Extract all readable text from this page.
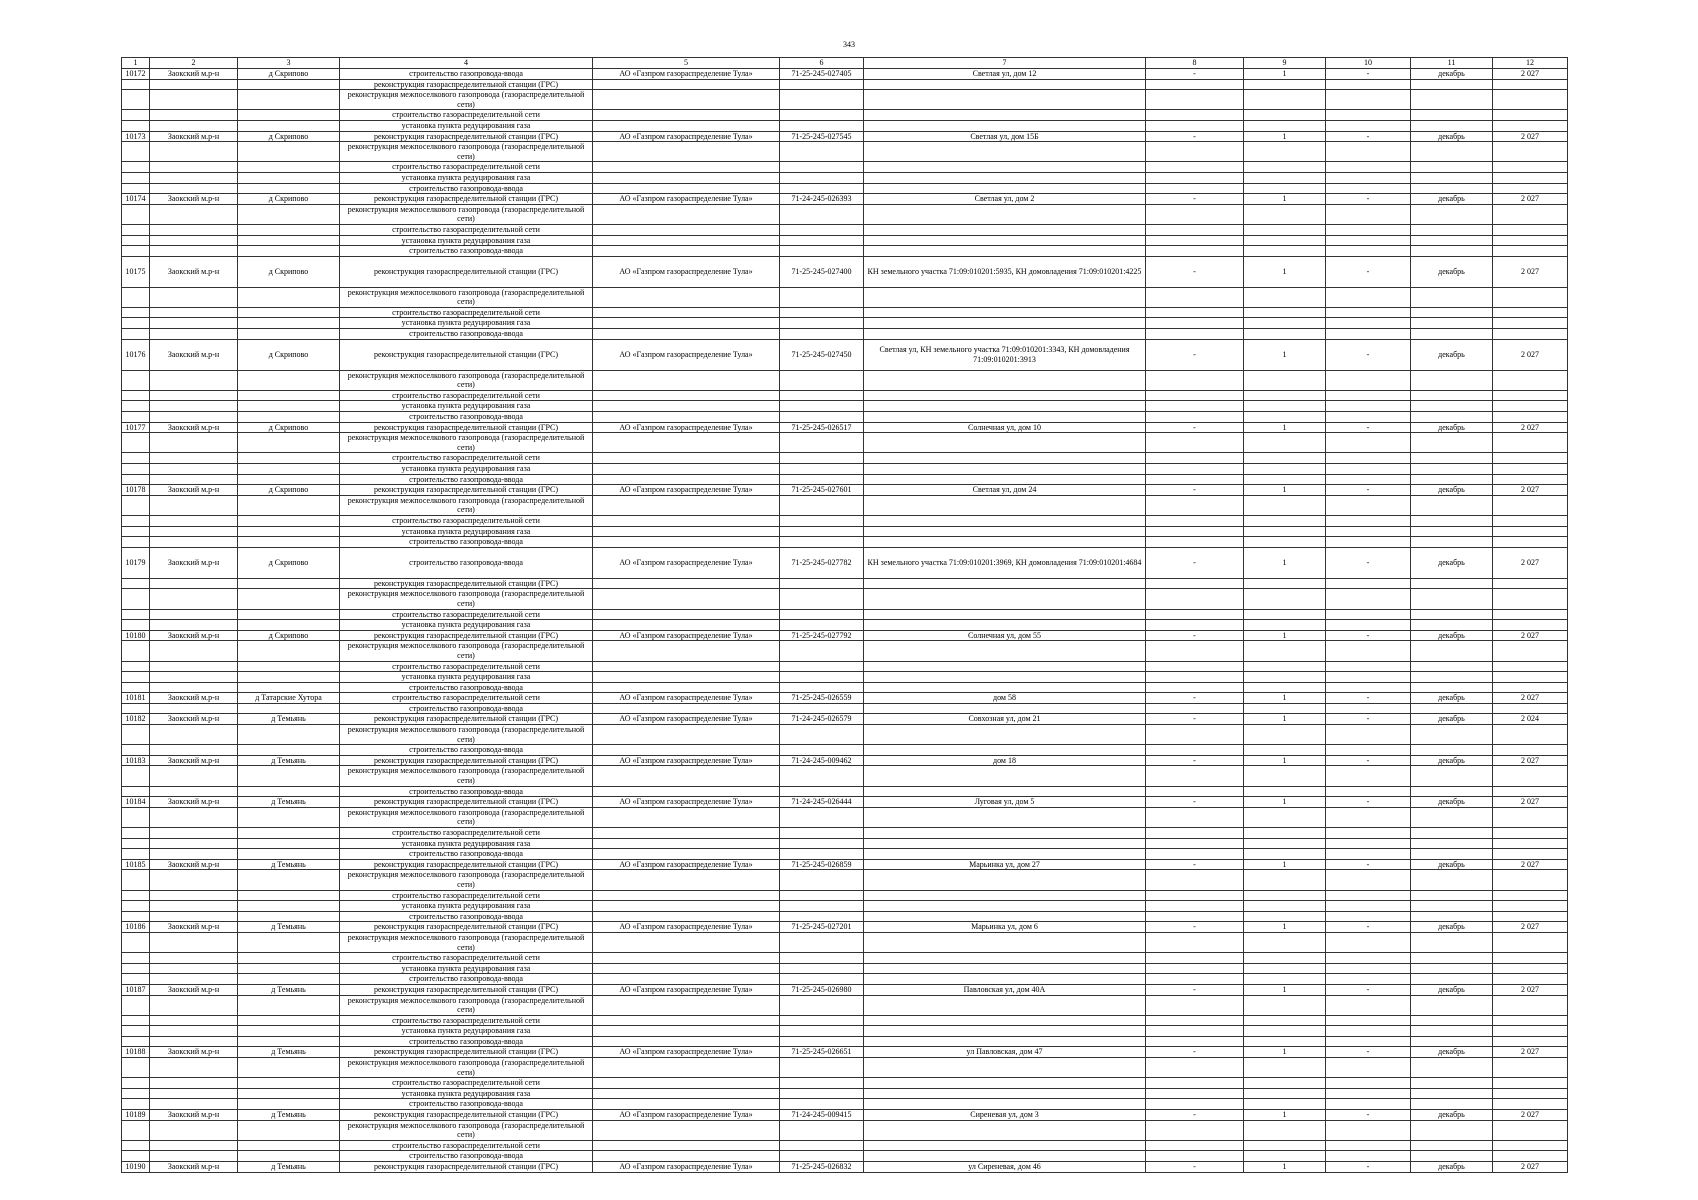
343
1	2	3	4	5	6	7	8	9	10	11	12
10172	Заокский м.р-н	д Скрипово	строительство газопровода-ввода	АО «Газпром газораспределение Тула»	71-25-245-027405	Светлая ул, дом 12	-	1	-	декабрь	2 027
			реконструкция газораспределительной станции (ГРС)								
			реконструкция межпоселкового газопровода (газораспределительной сети)								
			строительство газораспределительной сети								
			установка пункта редуцирования газа								
10173	Заокский м.р-н	д Скрипово	реконструкция газораспределительной станции (ГРС)	АО «Газпром газораспределение Тула»	71-25-245-027545	Светлая ул, дом 15Б	-	1	-	декабрь	2 027
			реконструкция межпоселкового газопровода (газораспределительной сети)								
			строительство газораспределительной сети								
			установка пункта редуцирования газа								
			строительство газопровода-ввода								
10174	Заокский м.р-н	д Скрипово	реконструкция газораспределительной станции (ГРС)	АО «Газпром газораспределение Тула»	71-24-245-026393	Светлая ул, дом 2	-	1	-	декабрь	2 027
			реконструкция межпоселкового газопровода (газораспределительной сети)								
			строительство газораспределительной сети								
			установка пункта редуцирования газа								
			строительство газопровода-ввода								
10175	Заокский м.р-н	д Скрипово	реконструкция газораспределительной станции (ГРС)	АО «Газпром газораспределение Тула»	71-25-245-027400	КН земельного участка 71:09:010201:5935, КН домовладения 71:09:010201:4225	-	1	-	декабрь	2 027
			реконструкция межпоселкового газопровода (газораспределительной сети)								
			строительство газораспределительной сети								
			установка пункта редуцирования газа								
			строительство газопровода-ввода								
10176	Заокский м.р-н	д Скрипово	реконструкция газораспределительной станции (ГРС)	АО «Газпром газораспределение Тула»	71-25-245-027450	Светлая ул, КН земельного участка 71:09:010201:3343, КН домовладения 71:09:010201:3913	-	1	-	декабрь	2 027
			реконструкция межпоселкового газопровода (газораспределительной сети)								
			строительство газораспределительной сети								
			установка пункта редуцирования газа								
			строительство газопровода-ввода								
10177	Заокский м.р-н	д Скрипово	реконструкция газораспределительной станции (ГРС)	АО «Газпром газораспределение Тула»	71-25-245-026517	Солнечная ул, дом 10	-	1	-	декабрь	2 027
			реконструкция межпоселкового газопровода (газораспределительной сети)								
			строительство газораспределительной сети								
			установка пункта редуцирования газа								
			строительство газопровода-ввода								
10178	Заокский м.р-н	д Скрипово	реконструкция газораспределительной станции (ГРС)	АО «Газпром газораспределение Тула»	71-25-245-027601	Светлая ул, дом 24	-	1	-	декабрь	2 027
			реконструкция межпоселкового газопровода (газораспределительной сети)								
			строительство газораспределительной сети								
			установка пункта редуцирования газа								
			строительство газопровода-ввода								
10179	Заокский м.р-н	д Скрипово	строительство газопровода-ввода	АО «Газпром газораспределение Тула»	71-25-245-027782	КН земельного участка 71:09:010201:3969, КН домовладения 71:09:010201:4684	-	1	-	декабрь	2 027
			реконструкция газораспределительной станции (ГРС)								
			реконструкция межпоселкового газопровода (газораспределительной сети)								
			строительство газораспределительной сети								
			установка пункта редуцирования газа								
10180	Заокский м.р-н	д Скрипово	реконструкция газораспределительной станции (ГРС)	АО «Газпром газораспределение Тула»	71-25-245-027792	Солнечная ул, дом 55	-	1	-	декабрь	2 027
			реконструкция межпоселкового газопровода (газораспределительной сети)								
			строительство газораспределительной сети								
			установка пункта редуцирования газа								
			строительство газопровода-ввода								
10181	Заокский м.р-н	д Татарские Хутора	строительство газораспределительной сети	АО «Газпром газораспределение Тула»	71-25-245-026559	дом 58	-	1	-	декабрь	2 027
			строительство газопровода-ввода								
10182	Заокский м.р-н	д Темьянь	реконструкция газораспределительной станции (ГРС)	АО «Газпром газораспределение Тула»	71-24-245-026579	Совхозная ул, дом 21	-	1	-	декабрь	2 024
			реконструкция межпоселкового газопровода (газораспределительной сети)								
			строительство газопровода-ввода								
10183	Заокский м.р-н	д Темьянь	реконструкция газораспределительной станции (ГРС)	АО «Газпром газораспределение Тула»	71-24-245-009462	дом 18	-	1	-	декабрь	2 027
			реконструкция межпоселкового газопровода (газораспределительной сети)								
			строительство газопровода-ввода								
10184	Заокский м.р-н	д Темьянь	реконструкция газораспределительной станции (ГРС)	АО «Газпром газораспределение Тула»	71-24-245-026444	Луговая ул, дом 5	-	1	-	декабрь	2 027
			реконструкция межпоселкового газопровода (газораспределительной сети)								
			строительство газораспределительной сети								
			установка пункта редуцирования газа								
			строительство газопровода-ввода								
10185	Заокский м.р-н	д Темьянь	реконструкция газораспределительной станции (ГРС)	АО «Газпром газораспределение Тула»	71-25-245-026859	Марьинка ул, дом 27	-	1	-	декабрь	2 027
			реконструкция межпоселкового газопровода (газораспределительной сети)								
			строительство газораспределительной сети								
			установка пункта редуцирования газа								
			строительство газопровода-ввода								
10186	Заокский м.р-н	д Темьянь	реконструкция газораспределительной станции (ГРС)	АО «Газпром газораспределение Тула»	71-25-245-027201	Марьинка ул, дом 6	-	1	-	декабрь	2 027
			реконструкция межпоселкового газопровода (газораспределительной сети)								
			строительство газораспределительной сети								
			установка пункта редуцирования газа								
			строительство газопровода-ввода								
10187	Заокский м.р-н	д Темьянь	реконструкция газораспределительной станции (ГРС)	АО «Газпром газораспределение Тула»	71-25-245-026980	Павловская ул, дом 40А	-	1	-	декабрь	2 027
			реконструкция межпоселкового газопровода (газораспределительной сети)								
			строительство газораспределительной сети								
			установка пункта редуцирования газа								
			строительство газопровода-ввода								
10188	Заокский м.р-н	д Темьянь	реконструкция газораспределительной станции (ГРС)	АО «Газпром газораспределение Тула»	71-25-245-026651	ул Павловская, дом 47	-	1	-	декабрь	2 027
			реконструкция межпоселкового газопровода (газораспределительной сети)								
			строительство газораспределительной сети								
			установка пункта редуцирования газа								
			строительство газопровода-ввода								
10189	Заокский м.р-н	д Темьянь	реконструкция газораспределительной станции (ГРС)	АО «Газпром газораспределение Тула»	71-24-245-009415	Сиреневая ул, дом 3	-	1	-	декабрь	2 027
			реконструкция межпоселкового газопровода (газораспределительной сети)								
			строительство газораспределительной сети								
			строительство газопровода-ввода								
10190	Заокский м.р-н	д Темьянь	реконструкция газораспределительной станции (ГРС)	АО «Газпром газораспределение Тула»	71-25-245-026832	ул Сиреневая, дом 46	-	1	-	декабрь	2 027
